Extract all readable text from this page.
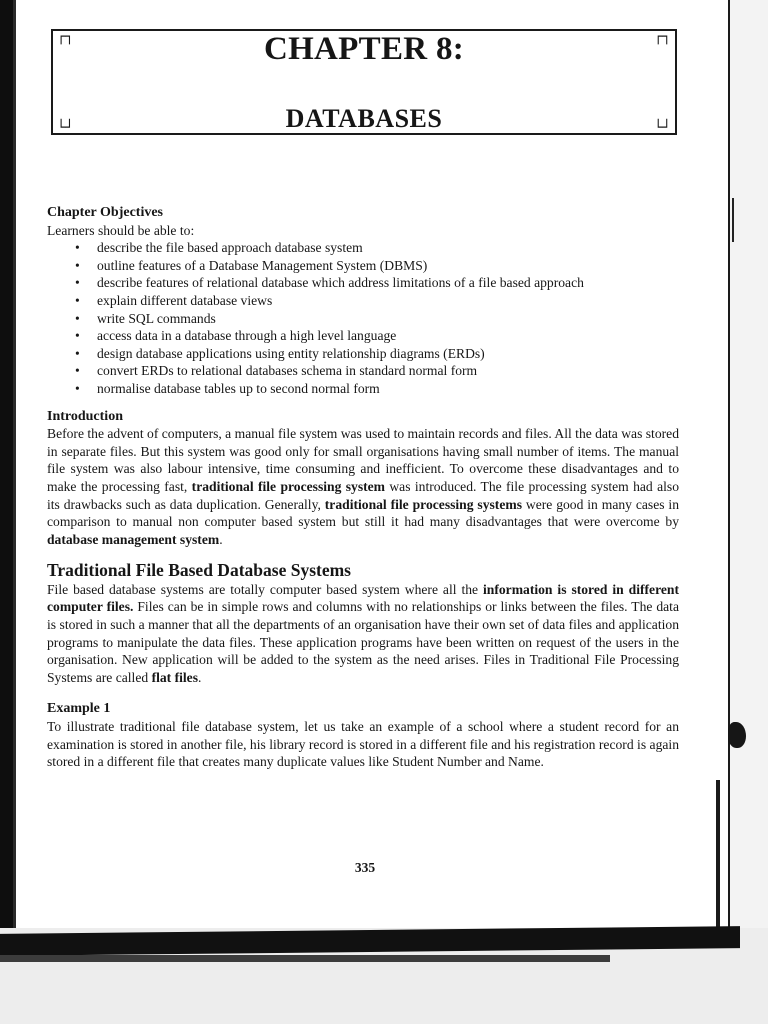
┌┐	┌┐
└┘	└┘
CHAPTER 8:
DATABASES
Chapter Objectives

Learners should be able to:

• describe the file based approach database system
• outline features of a Database Management System (DBMS)
• describe features of relational database which address limitations of a file based approach
• explain different database views
• write SQL commands
• access data in a database through a high level language
• design database applications using entity relationship diagrams (ERDs)
• convert ERDs to relational databases schema in standard normal form
• normalise database tables up to second normal form
Introduction

Before the advent of computers, a manual file system was used to maintain records and files. All the data was stored in separate files. But this system was good only for small organisations having small number of items. The manual file system was also labour intensive, time consuming and inefficient. To overcome these disadvantages and to make the processing fast, traditional file processing system was introduced. The file processing system had also its drawbacks such as data duplication. Generally, traditional file processing systems were good in many cases in comparison to manual non computer based system but still it had many disadvantages that were overcome by database management system.

Traditional File Based Database Systems

File based database systems are totally computer based system where all the information is stored in different computer files. Files can be in simple rows and columns with no relationships or links between the files. The data is stored in such a manner that all the departments of an organisation have their own set of data files and application programs to manipulate the data files. These application programs have been written on request of the users in the organisation. New application will be added to the system as the need arises. Files in Traditional File Processing Systems are called flat files.

Example 1

To illustrate traditional file database system, let us take an example of a school where a student record for an examination is stored in another file, his library record is stored in a different file and his registration record is again stored in a different file that creates many duplicate values like Student Number and Name.

335
